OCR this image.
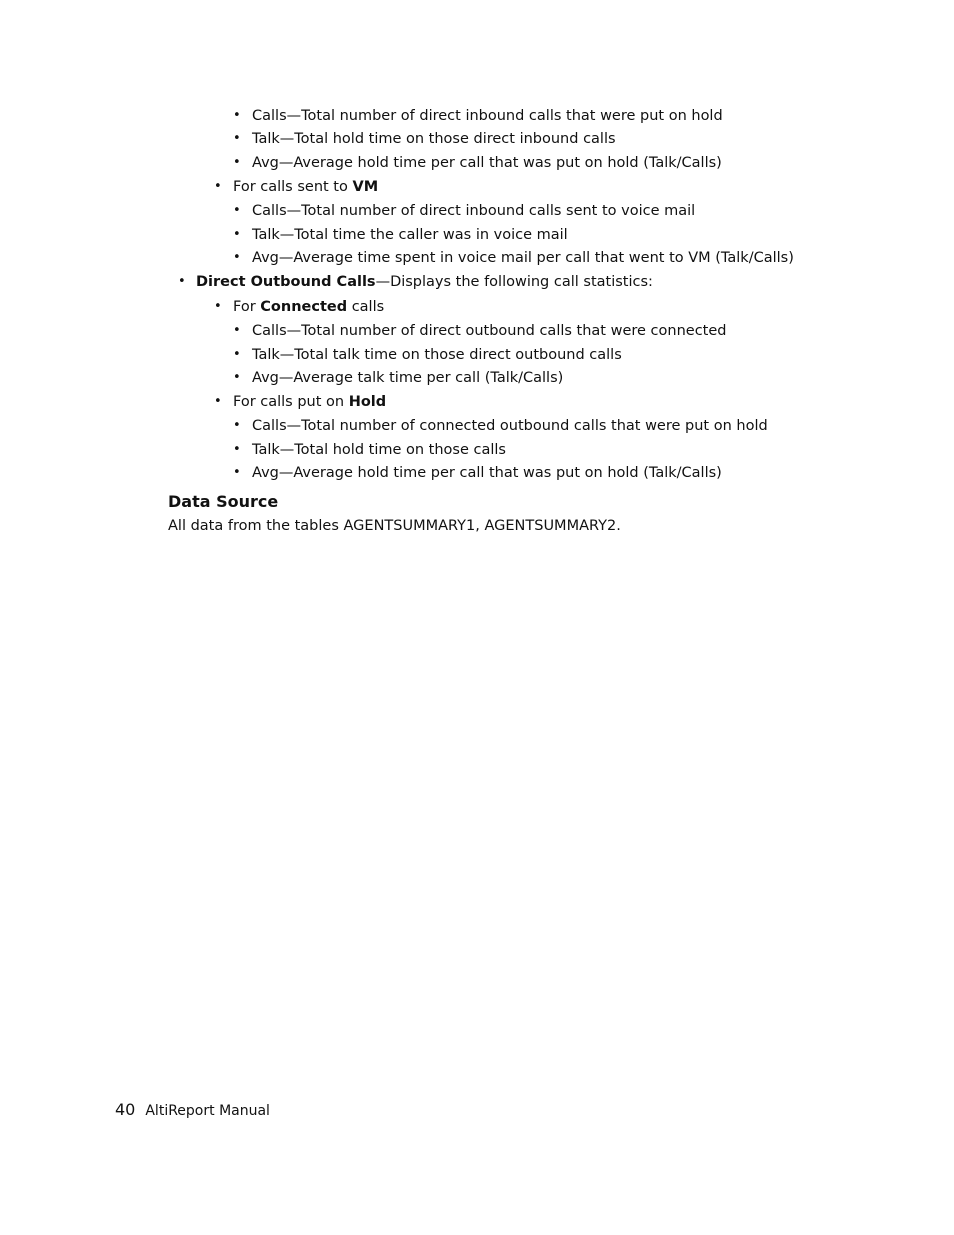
• Calls—Total number of direct inbound calls that were put on hold
• Talk—Total hold time on those direct inbound calls
• Avg—Average hold time per call that was put on hold (Talk/Calls)
• For calls sent to VM
• Calls—Total number of direct inbound calls sent to voice mail
• Talk—Total time the caller was in voice mail
• Avg—Average time spent in voice mail per call that went to VM (Talk/Calls)
• Direct Outbound Calls—Displays the following call statistics:
• For Connected calls
• Calls—Total number of direct outbound calls that were connected
• Talk—Total talk time on those direct outbound calls
• Avg—Average talk time per call (Talk/Calls)
• For calls put on Hold
• Calls—Total number of connected outbound calls that were put on hold
• Talk—Total hold time on those calls
• Avg—Average hold time per call that was put on hold (Talk/Calls)
Data Source
All data from the tables AGENTSUMMARY1, AGENTSUMMARY2.
40 AltiReport Manual
